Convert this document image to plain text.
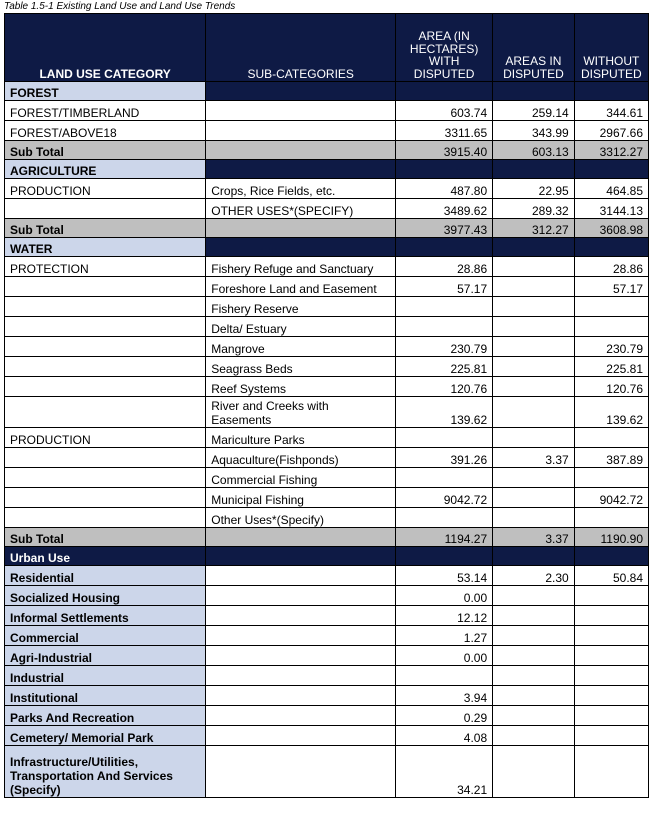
Table 1.5-1 Existing Land Use and Land Use Trends
LAND USE CATEGORY	SUB-CATEGORIES	AREA (IN HECTARES) WITH DISPUTED	AREAS IN DISPUTED	WITHOUT DISPUTED
FOREST				
FOREST/TIMBERLAND		603.74	259.14	344.61
FOREST/ABOVE18		3311.65	343.99	2967.66
Sub Total		3915.40	603.13	3312.27
AGRICULTURE				
PRODUCTION	Crops, Rice Fields, etc.	487.80	22.95	464.85
	OTHER USES*(SPECIFY)	3489.62	289.32	3144.13
Sub Total		3977.43	312.27	3608.98
WATER				
PROTECTION	Fishery Refuge and Sanctuary	28.86		28.86
	Foreshore Land and Easement	57.17		57.17
	Fishery Reserve			
	Delta/ Estuary			
	Mangrove	230.79		230.79
	Seagrass Beds	225.81		225.81
	Reef Systems	120.76		120.76
	River and Creeks with Easements	139.62		139.62
PRODUCTION	Mariculture Parks			
	Aquaculture(Fishponds)	391.26	3.37	387.89
	Commercial Fishing			
	Municipal Fishing	9042.72		9042.72
	Other Uses*(Specify)			
Sub Total		1194.27	3.37	1190.90
Urban Use				
Residential		53.14	2.30	50.84
Socialized Housing		0.00		
Informal Settlements		12.12		
Commercial		1.27		
Agri-Industrial		0.00		
Industrial				
Institutional		3.94		
Parks And Recreation		0.29		
Cemetery/ Memorial Park		4.08		
Infrastructure/Utilities, Transportation And Services (Specify)		34.21		
